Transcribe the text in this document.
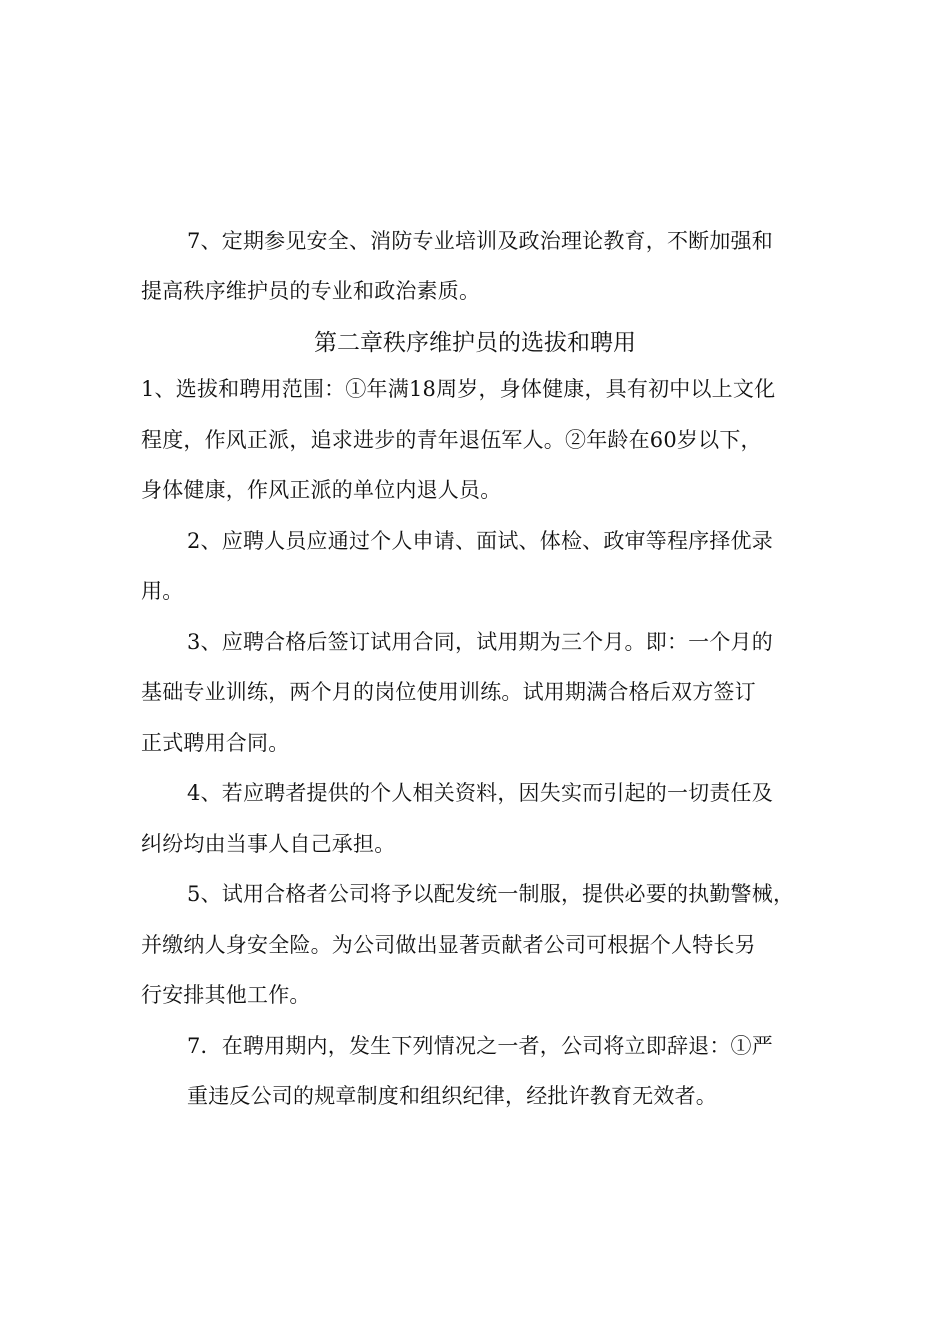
7、定期参见安全、消防专业培训及政治理论教育，不断加强和
提高秩序维护员的专业和政治素质。
第二章秩序维护员的选拔和聘用
1、选拔和聘用范围：①年满18周岁，身体健康，具有初中以上文化
程度，作风正派，追求进步的青年退伍军人。②年龄在60岁以下，
身体健康，作风正派的单位内退人员。
2、应聘人员应通过个人申请、面试、体检、政审等程序择优录
用。
3、应聘合格后签订试用合同，试用期为三个月。即：一个月的
基础专业训练，两个月的岗位使用训练。试用期满合格后双方签订
正式聘用合同。
4、若应聘者提供的个人相关资料，因失实而引起的一切责任及
纠纷均由当事人自己承担。
5、试用合格者公司将予以配发统一制服，提供必要的执勤警械，
并缴纳人身安全险。为公司做出显著贡献者公司可根据个人特长另
行安排其他工作。
7．在聘用期内，发生下列情况之一者，公司将立即辞退：①严
重违反公司的规章制度和组织纪律，经批许教育无效者。
